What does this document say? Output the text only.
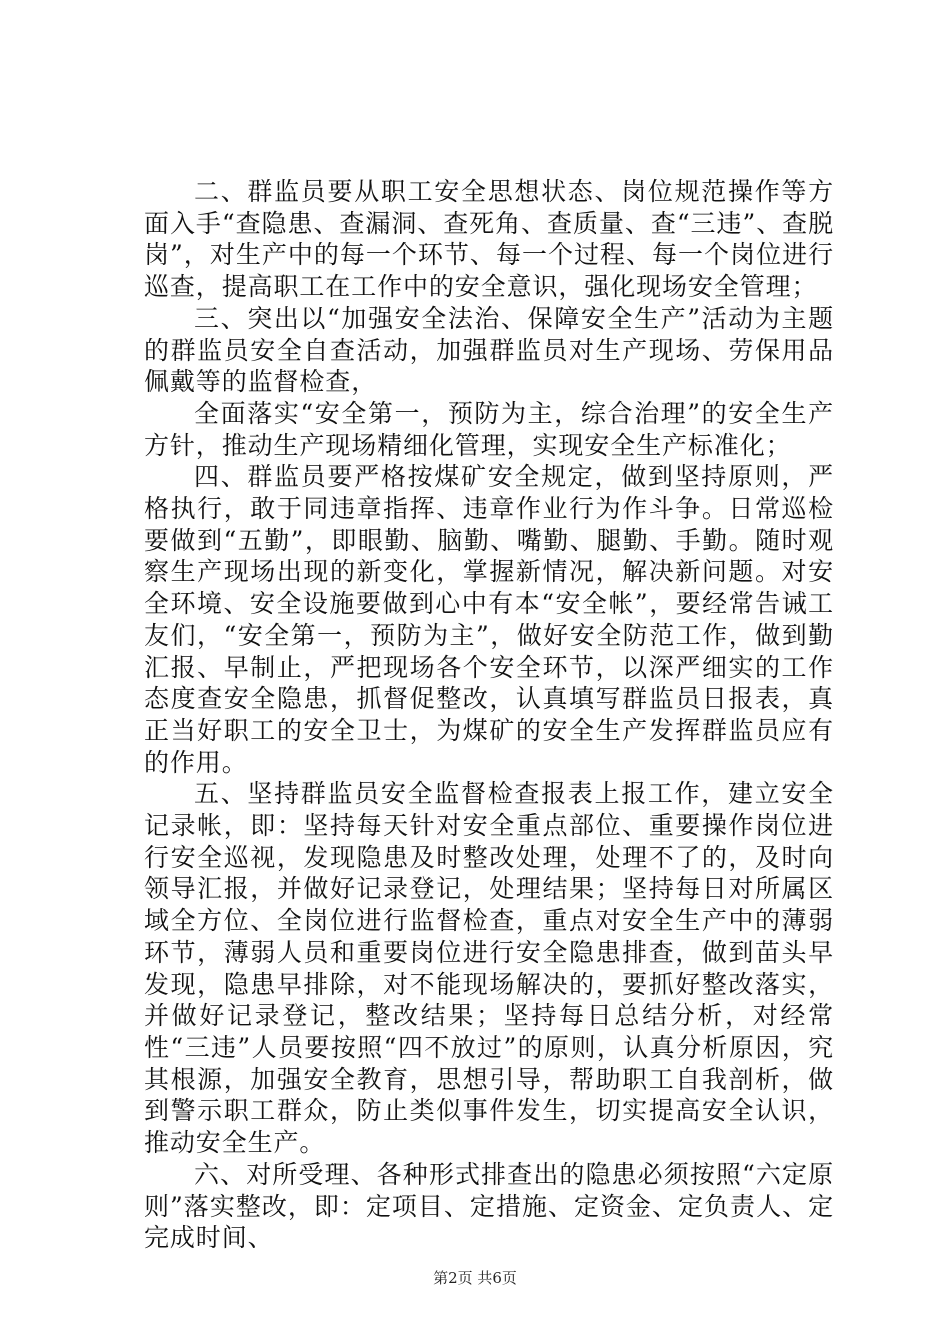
二、群监员要从职工安全思想状态、岗位规范操作等方面入手“查隐患、查漏洞、查死角、查质量、查“三违”、查脱岗”，对生产中的每一个环节、每一个过程、每一个岗位进行巡查，提高职工在工作中的安全意识，强化现场安全管理；

三、突出以“加强安全法治、保障安全生产”活动为主题的群监员安全自查活动，加强群监员对生产现场、劳保用品佩戴等的监督检查，

全面落实“安全第一，预防为主，综合治理”的安全生产方针，推动生产现场精细化管理，实现安全生产标准化；

四、群监员要严格按煤矿安全规定，做到坚持原则，严格执行，敢于同违章指挥、违章作业行为作斗争。日常巡检要做到“五勤”，即眼勤、脑勤、嘴勤、腿勤、手勤。随时观察生产现场出现的新变化，掌握新情况，解决新问题。对安全环境、安全设施要做到心中有本“安全帐”，要经常告诫工友们，“安全第一，预防为主”，做好安全防范工作，做到勤汇报、早制止，严把现场各个安全环节，以深严细实的工作态度查安全隐患，抓督促整改，认真填写群监员日报表，真正当好职工的安全卫士，为煤矿的安全生产发挥群监员应有的作用。

五、坚持群监员安全监督检查报表上报工作，建立安全记录帐，即：坚持每天针对安全重点部位、重要操作岗位进行安全巡视，发现隐患及时整改处理，处理不了的，及时向领导汇报，并做好记录登记，处理结果；坚持每日对所属区域全方位、全岗位进行监督检查，重点对安全生产中的薄弱环节，薄弱人员和重要岗位进行安全隐患排查，做到苗头早发现，隐患早排除，对不能现场解决的，要抓好整改落实，并做好记录登记，整改结果；坚持每日总结分析，对经常性“三违”人员要按照“四不放过”的原则，认真分析原因，究其根源，加强安全教育，思想引导，帮助职工自我剖析，做到警示职工群众，防止类似事件发生，切实提高安全认识，推动安全生产。

六、对所受理、各种形式排查出的隐患必须按照“六定原则”落实整改，即：定项目、定措施、定资金、定负责人、定完成时间、

第2页 共6页
